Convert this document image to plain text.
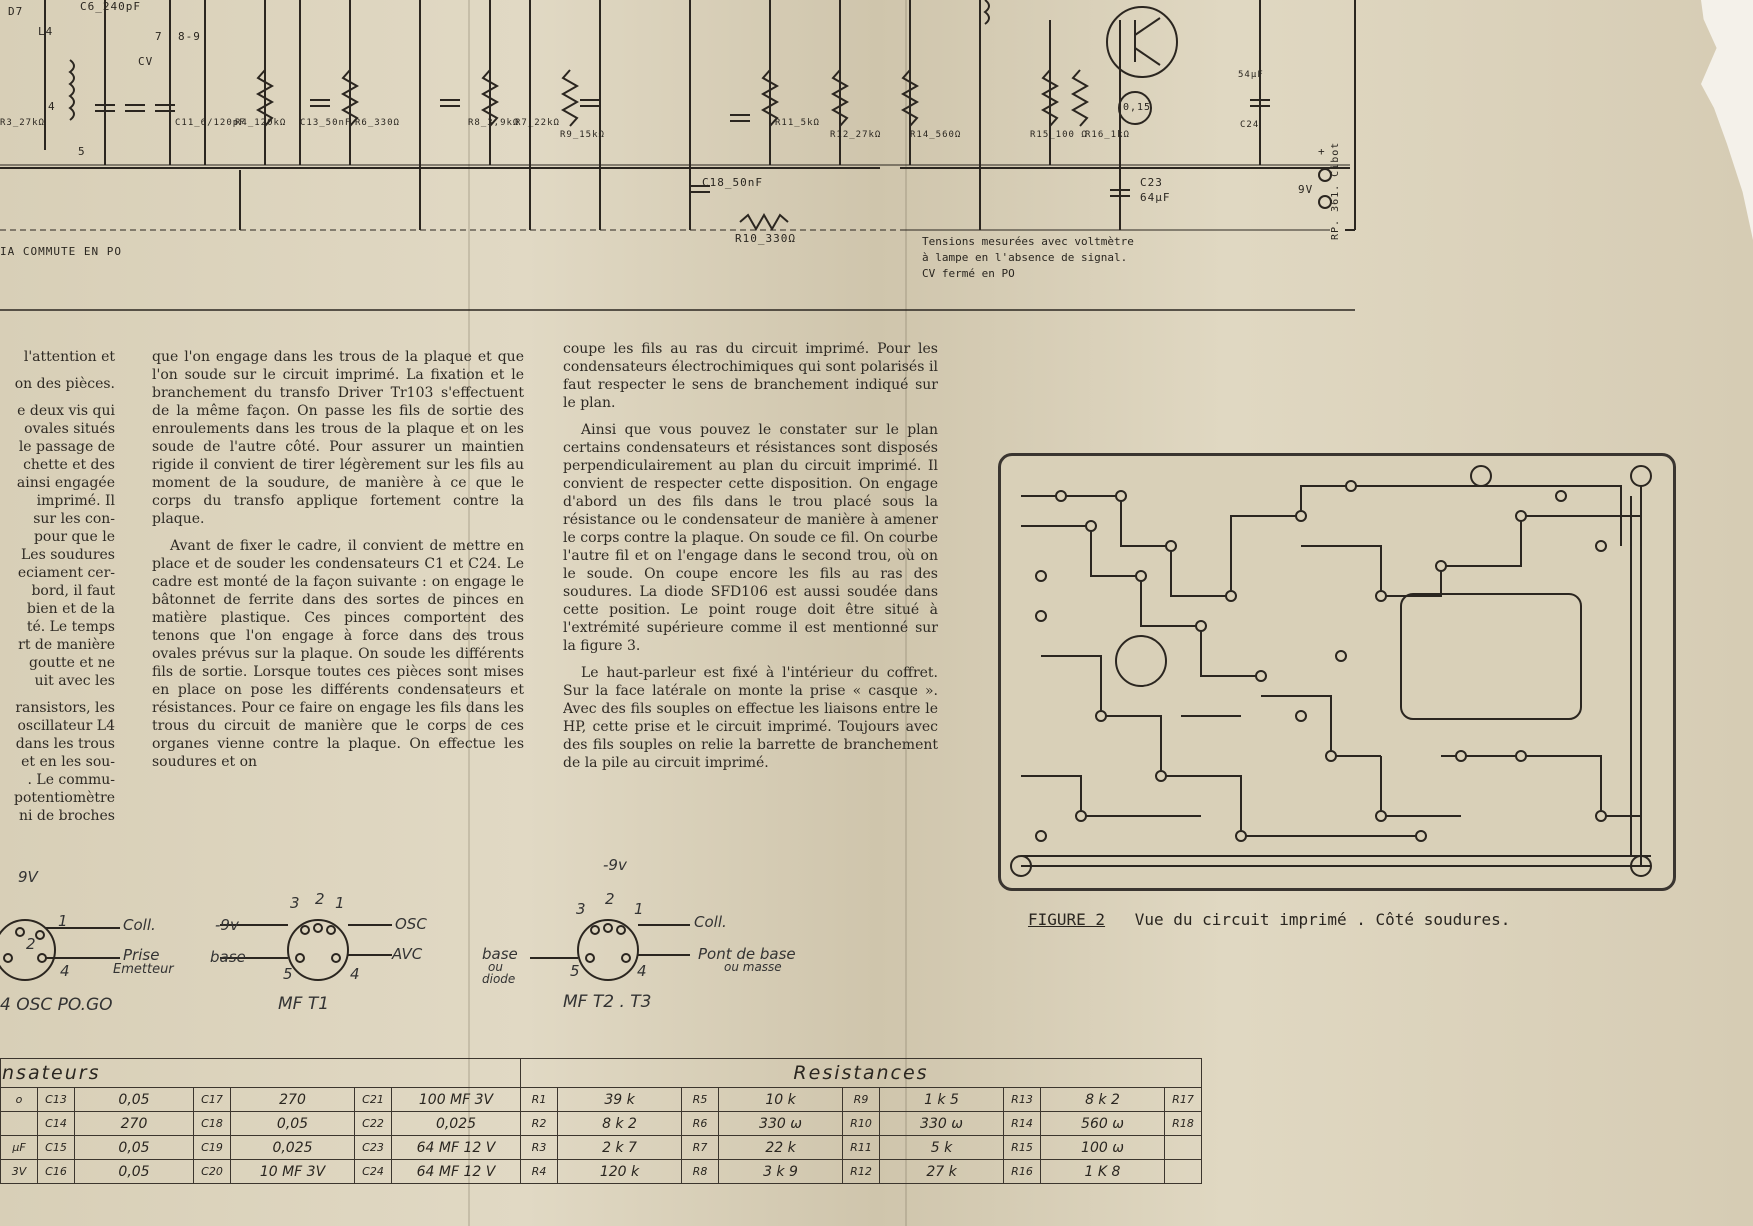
C6_240pF
7 8-9
D7
L4
CV
R3_27kΩ
4
5
C11_6/120pF
R4_120kΩ C13_50nF R6_330Ω	R8_3,9kΩ
R7_22kΩ
R9_15kΩ
R11_5kΩ
R12_27kΩ	R14_560Ω	R15_100 Ω
R16_1kΩ
0,15
54μF
C24
C18_50nF
R10_330Ω
C23
64μF
9V
+
IA COMMUTE EN PO
Tensions mesurées avec voltmètre
à lampe en l'absence de signal.
CV fermé en PO
RP. 361. Cibot

l'attention et

on des pièces.

e deux vis qui

ovales situés

le passage de

chette et des

ainsi engagée

imprimé. Il

sur les con-

pour que le

Les soudures

eciament cer-

bord, il faut

bien et de la

té. Le temps

rt de manière

goutte et ne

uit avec les

ransistors, les

oscillateur L4

dans les trous

et en les sou-

. Le commu-

potentiomètre

ni de broches

que l'on engage dans les trous de la plaque et que l'on soude sur le circuit imprimé. La fixation et le branchement du transfo Driver Tr103 s'effectuent de la même façon. On passe les fils de sortie des enroulements dans les trous de la plaque et on les soude de l'autre côté. Pour assurer un maintien rigide il convient de tirer légèrement sur les fils au moment de la soudure, de manière à ce que le corps du transfo applique fortement contre la plaque.

Avant de fixer le cadre, il convient de mettre en place et de souder les condensateurs C1 et C24. Le cadre est monté de la façon suivante : on engage le bâtonnet de ferrite dans des sortes de pinces en matière plastique. Ces pinces comportent des tenons que l'on engage à force dans des trous ovales prévus sur la plaque. On soude les différents fils de sortie. Lorsque toutes ces pièces sont mises en place on pose les différents condensateurs et résistances. Pour ce faire on engage les fils dans les trous du circuit de manière que le corps de ces organes vienne contre la plaque. On effectue les soudures et on

coupe les fils au ras du circuit imprimé. Pour les condensateurs électrochimiques qui sont polarisés il faut respecter le sens de branchement indiqué sur le plan.

Ainsi que vous pouvez le constater sur le plan certains condensateurs et résistances sont disposés perpendiculairement au plan du circuit imprimé. Il convient de respecter cette disposition. On engage d'abord un des fils dans le trou placé sous la résistance ou le condensateur de manière à amener le corps contre la plaque. On soude ce fil. On courbe l'autre fil et on l'engage dans le second trou, où on le soude. On coupe encore les fils au ras des soudures. La diode SFD106 est aussi soudée dans cette position. Le point rouge doit être situé à l'extrémité supérieure comme il est mentionné sur la figure 3.

Le haut-parleur est fixé à l'intérieur du coffret. Sur la face latérale on monte la prise « casque ». Avec des fils souples on effectue les liaisons entre le HP, cette prise et le circuit imprimé. Toujours avec des fils souples on relie la barrette de branchement de la pile au circuit imprimé.

9V
1
2
4
Coll.
Prise
Emetteur
4 OSC PO.GO
3 2 1
5	4
-9v
base
OSC
AVC
MF T1
-9v
2
3	1
5	4
base
ou
diode
Coll.
Pont de base
ou masse
MF T2 . T3
FIGURE 2 Vue du circuit imprimé . Côté soudures.
nsateurs							Resistances								
o	C13	0,05	C17	270	C21	100 MF 3V	R1	39 k	R5	10 k	R9	1 k 5	R13	8 k 2	R17
	C14	270	C18	0,05	C22	0,025	R2	8 k 2	R6	330 ω	R10	330 ω	R14	560 ω	R18
μF	C15	0,05	C19	0,025	C23	64 MF 12 V	R3	2 k 7	R7	22 k	R11	5 k	R15	100 ω	
3V	C16	0,05	C20	10 MF 3V	C24	64 MF 12 V	R4	120 k	R8	3 k 9	R12	27 k	R16	1 K 8	
